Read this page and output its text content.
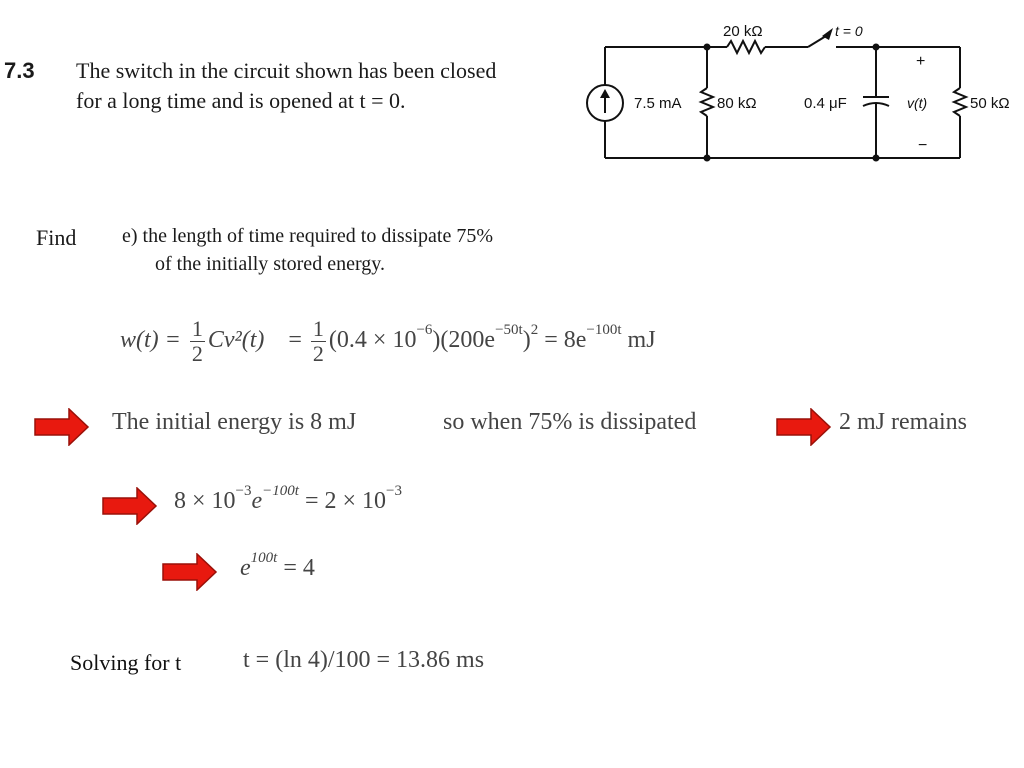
7.3 The switch in the circuit shown has been closed
for a long time and is opened at t = 0.
20 kΩ	t = 0
7.5 mA 80 kΩ	0.4 μF	v(t)
+
−
50 kΩ
Find e) the length of time required to dissipate 75%
of the initially stored energy.
$w(t) = \frac{1}{2} Cv^2(t) = \frac{1}{2} (0.4 \times 10^{-6})(200e^{-50t})^2 = 8e^{-100t}$ mJ
The initial energy is 8 mJ	so when 75% is dissipated	2 mJ remains
$8 \times 10^{-3}e^{-100t} = 2 \times 10^{-3}$
$e^{100t} = 4$
Solving for t	t = (ln 4)/100 = 13.86 ms
